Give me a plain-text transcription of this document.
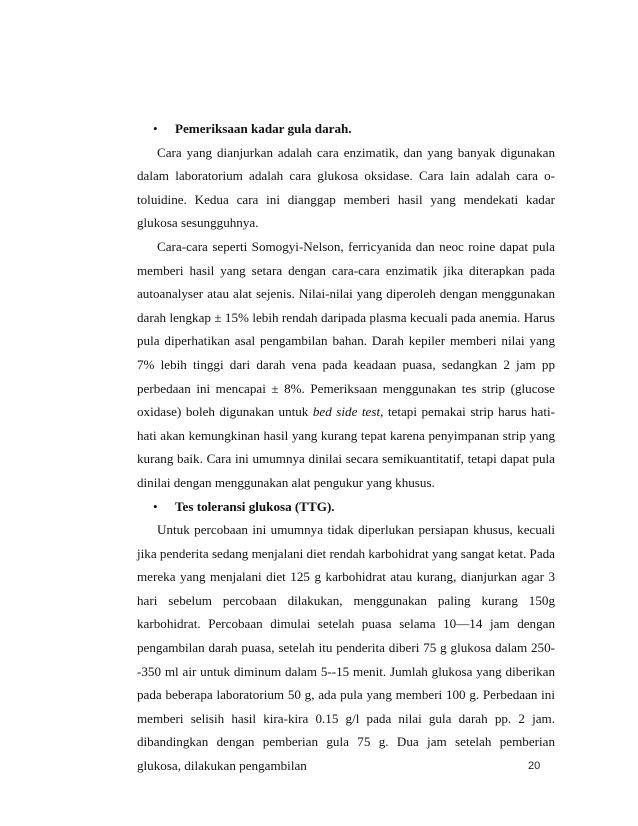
• Pemeriksaan kadar gula darah.

Cara yang dianjurkan adalah cara enzimatik, dan yang banyak digunakan dalam laboratorium adalah cara glukosa oksidase. Cara lain adalah cara o-toluidine. Kedua cara ini dianggap memberi hasil yang mendekati kadar glukosa sesungguhnya.

Cara-cara seperti Somogyi-Nelson, ferricyanida dan neoc roine dapat pula memberi hasil yang setara dengan cara-cara enzimatik jika diterapkan pada autoanalyser atau alat sejenis. Nilai-nilai yang diperoleh dengan menggunakan darah lengkap ± 15% lebih rendah daripada plasma kecuali pada anemia. Harus pula diperhatikan asal pengambilan bahan. Darah kepiler memberi nilai yang 7% lebih tinggi dari darah vena pada keadaan puasa, sedangkan 2 jam pp perbedaan ini mencapai ± 8%. Pemeriksaan menggunakan tes strip (glucose oxidase) boleh digunakan untuk bed side test, tetapi pemakai strip harus hati-hati akan kemungkinan hasil yang kurang tepat karena penyimpanan strip yang kurang baik. Cara ini umumnya dinilai secara semikuantitatif, tetapi dapat pula dinilai dengan menggunakan alat pengukur yang khusus.

• Tes toleransi glukosa (TTG).

Untuk percobaan ini umumnya tidak diperlukan persiapan khusus, kecuali jika penderita sedang menjalani diet rendah karbohidrat yang sangat ketat. Pada mereka yang menjalani diet 125 g karbohidrat atau kurang, dianjurkan agar 3 hari sebelum percobaan dilakukan, menggunakan paling kurang 150g karbohidrat. Percobaan dimulai setelah puasa selama 10—14 jam dengan pengambilan darah puasa, setelah itu penderita diberi 75 g glukosa dalam 250--350 ml air untuk diminum dalam 5--15 menit. Jumlah glukosa yang diberikan pada beberapa laboratorium 50 g, ada pula yang memberi 100 g. Perbedaan ini memberi selisih hasil kira-kira 0.15 g/l pada nilai gula darah pp. 2 jam. dibandingkan dengan pemberian gula 75 g. Dua jam setelah pemberian glukosa, dilakukan pengambilan	20
